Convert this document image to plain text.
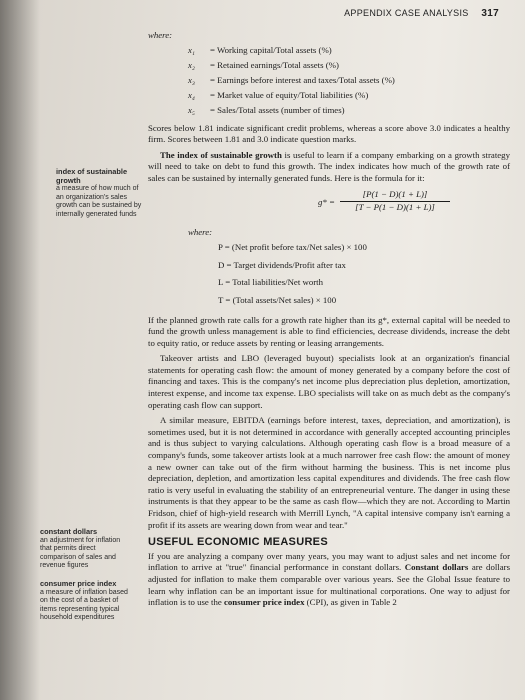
APPENDIX CASE ANALYSIS 317
index of sustainable growth
a measure of how much of an organization's sales growth can be sustained by internally generated funds
constant dollars
an adjustment for inflation that permits direct comparison of sales and revenue figures
consumer price index
a measure of inflation based on the cost of a basket of items representing typical household expenditures
where:
x₁ = Working capital/Total assets (%)
x₂ = Retained earnings/Total assets (%)
x₃ = Earnings before interest and taxes/Total assets (%)
x₄ = Market value of equity/Total liabilities (%)
x₅ = Sales/Total assets (number of times)

Scores below 1.81 indicate significant credit problems, whereas a score above 3.0 indicates a healthy firm. Scores between 1.81 and 3.0 indicate question marks.

The index of sustainable growth is useful to learn if a company embarking on a growth strategy will need to take on debt to fund this growth. The index indicates how much of the growth rate of sales can be sustained by internally generated funds. Here is the formula for it:

$g* = \frac{[P(1 - D)(1 + L)]}{[T - P(1 - D)(1 + L)]}$
where:
P = (Net profit before tax/Net sales) × 100
D = Target dividends/Profit after tax
L = Total liabilities/Net worth
T = (Total assets/Net sales) × 100

If the planned growth rate calls for a growth rate higher than its g*, external capital will be needed to fund the growth unless management is able to find efficiencies, decrease dividends, increase the debt to equity ratio, or reduce assets by renting or leasing arrangements.

Takeover artists and LBO (leveraged buyout) specialists look at an organization's financial statements for operating cash flow: the amount of money generated by a company before the cost of financing and taxes. This is the company's net income plus depreciation plus depletion, amortization, interest expense, and income tax expense. LBO specialists will take on as much debt as the company's operating cash flow can support.

A similar measure, EBITDA (earnings before interest, taxes, depreciation, and amortization), is sometimes used, but it is not determined in accordance with generally accepted accounting principles and is thus subject to varying calculations. Although operating cash flow is a broad measure of a company's funds, some takeover artists look at a much narrower free cash flow: the amount of money a new owner can take out of the firm without harming the business. This is net income plus depreciation, depletion, and amortization less capital expenditures and dividends. The free cash flow ratio is very useful in evaluating the stability of an entrepreneurial venture. The danger in using these instruments is that they appear to be the same as cash flow—which they are not. According to Martin Fridson, chief of high-yield research with Merrill Lynch, "A capital intensive company isn't earning a profit if its assets are wearing down from wear and tear."

USEFUL ECONOMIC MEASURES

If you are analyzing a company over many years, you may want to adjust sales and net income for inflation to arrive at "true" financial performance in constant dollars. Constant dollars are dollars adjusted for inflation to make them comparable over various years. See the Global Issue feature to learn why inflation can be an important issue for multinational corporations. One way to adjust for inflation is to use the consumer price index (CPI), as given in Table 2
